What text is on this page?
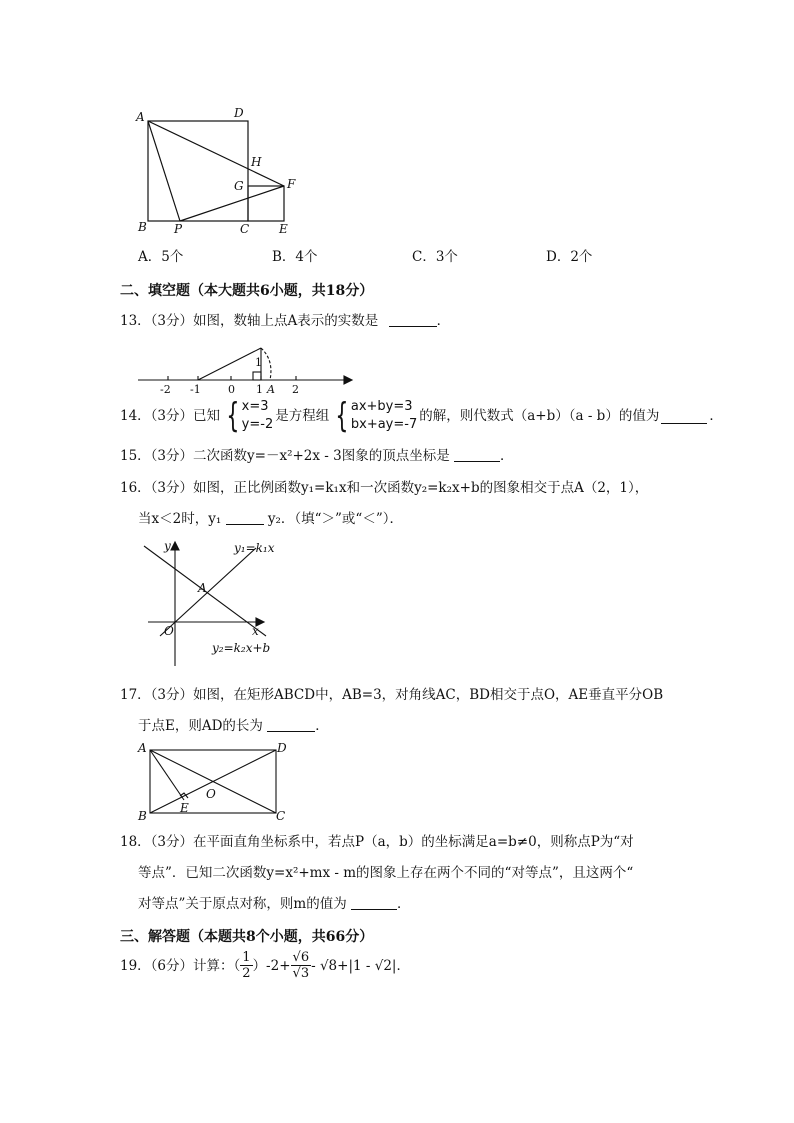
A	D
H
G	F
B P	C E
A．5个	B．4个	C．3个	D．2个
二、填空题（本大题共6小题，共18分）
13．（3分）如图，数轴上点A表示的实数是	．
-2 -1 0 1	2
1
A
14．（3分）已知 { x=3
y=-2
是方程组 { ax+by=3
bx+ay=-7
的解，则代数式（a+b）（a - b）的值为	．
15．（3分）二次函数y=－x²+2x - 3图象的顶点坐标是	．
16．（3分）如图，正比例函数y₁=k₁x和一次函数y₂=k₂x+b的图象相交于点A（2，1），
当x＜2时，y₁	y₂．（填“＞”或“＜”）．
y
x
O
A
y₁=k₁x
y₂=k₂x+b
17．（3分）如图，在矩形ABCD中，AB=3，对角线AC，BD相交于点O，AE垂直平分OB
于点E，则AD的长为	．
A	D
B	C
E
O
18．（3分）在平面直角坐标系中，若点P（a，b）的坐标满足a=b≠0，则称点P为“对
等点”．已知二次函数y=x²+mx - m的图象上存在两个不同的“对等点”，且这两个“
对等点”关于原点对称，则m的值为	．
三、解答题（本题共8个小题，共66分）
19．（6分）计算：（ $\frac{1}{2} )-2+ \frac{√6}{√3} - √8+|1 - √2|$．
